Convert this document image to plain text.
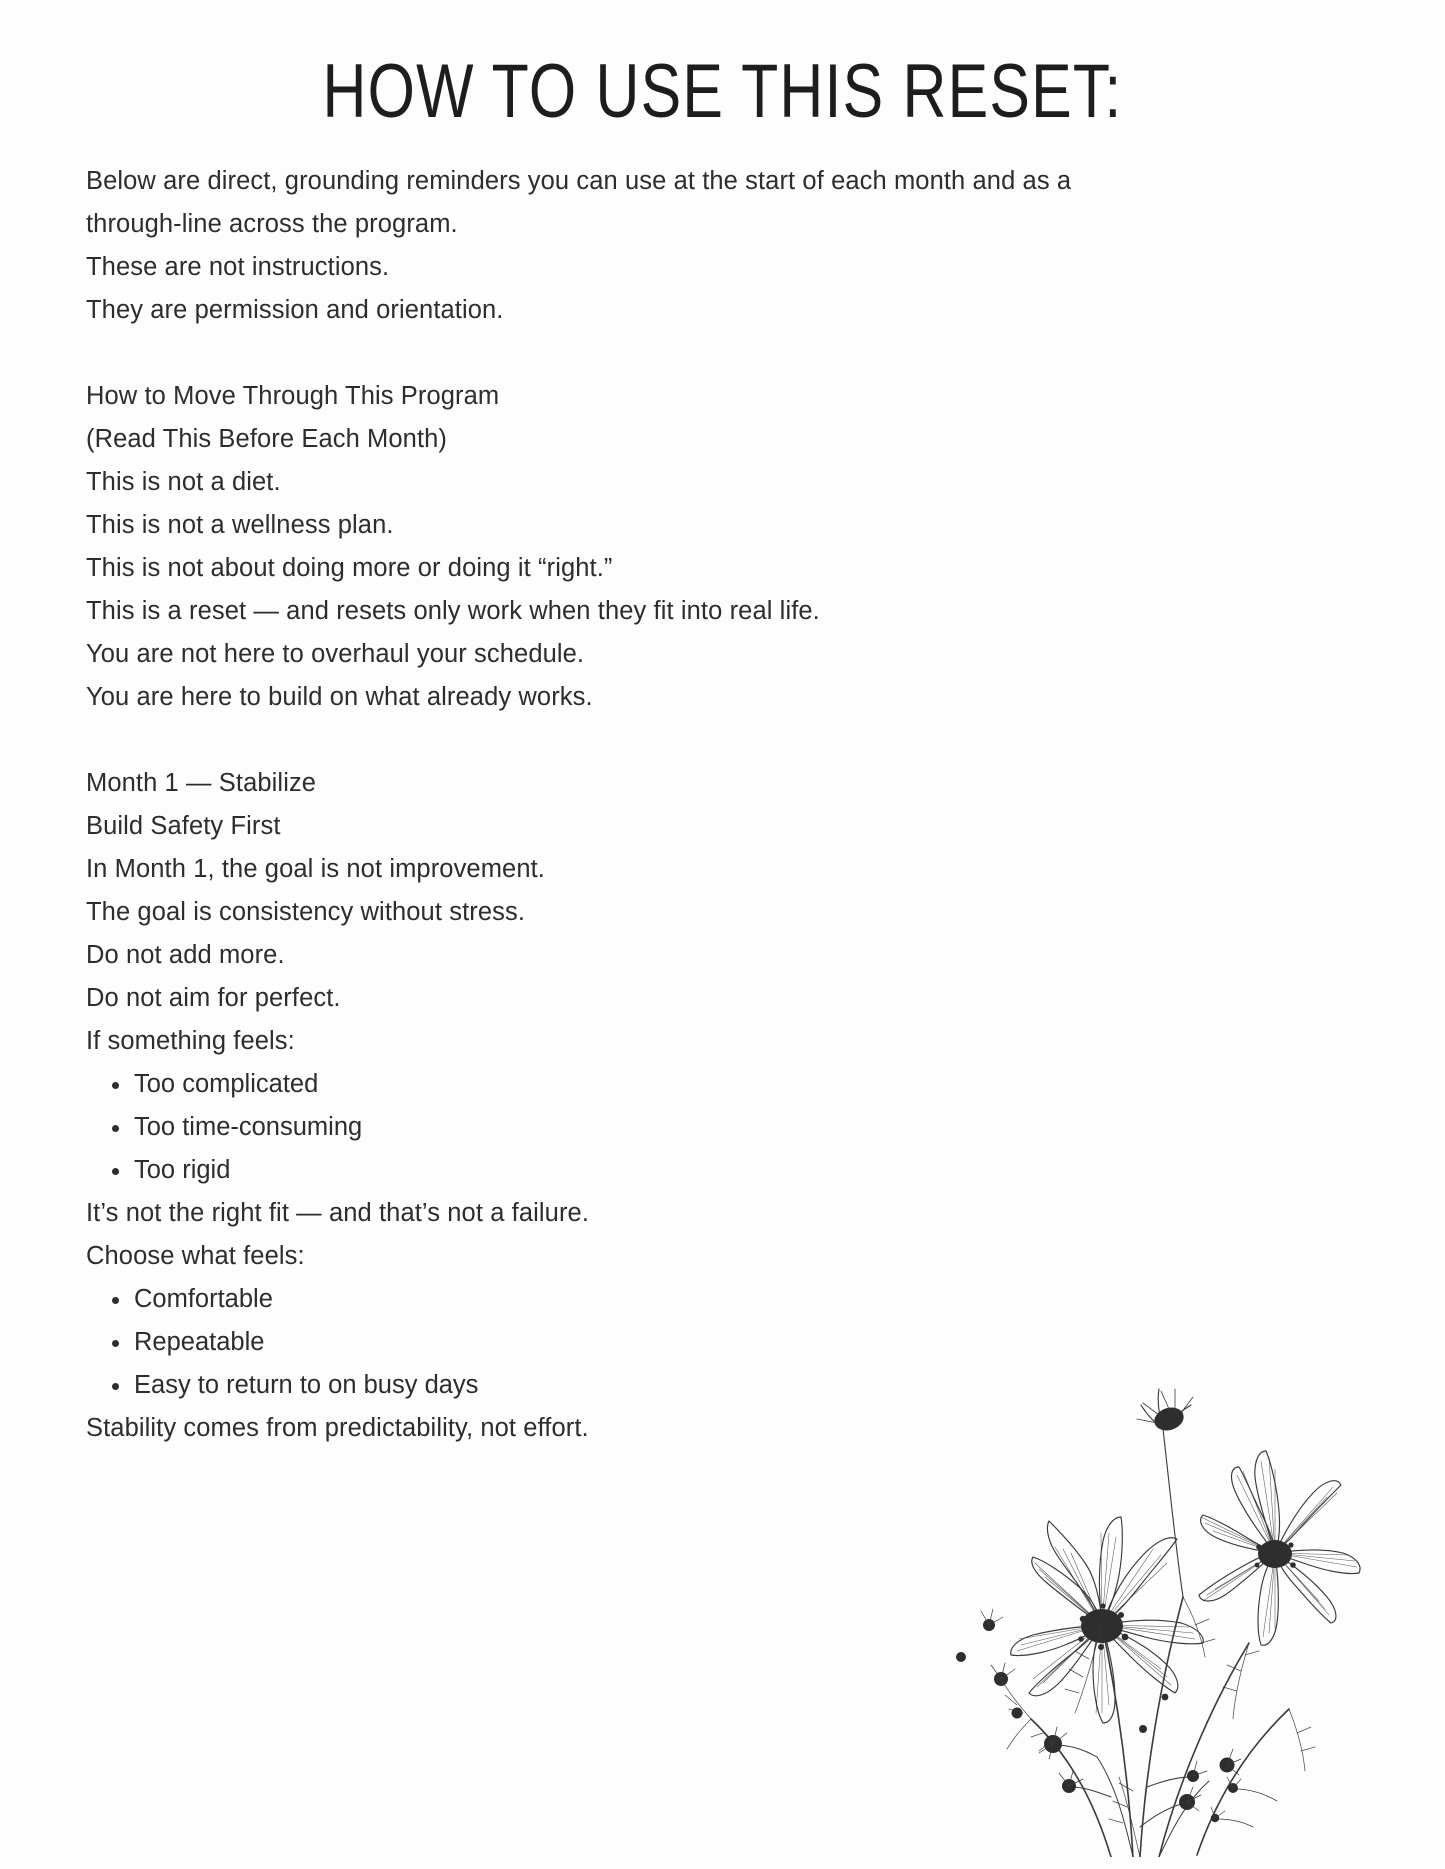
HOW TO USE THIS RESET:
Below are direct, grounding reminders you can use at the start of each month and as a through-line across the program.
These are not instructions.
They are permission and orientation.
How to Move Through This Program
(Read This Before Each Month)
This is not a diet.
This is not a wellness plan.
This is not about doing more or doing it “right.”
This is a reset — and resets only work when they fit into real life.
You are not here to overhaul your schedule.
You are here to build on what already works.
Month 1 — Stabilize
Build Safety First
In Month 1, the goal is not improvement.
The goal is consistency without stress.
Do not add more.
Do not aim for perfect.
If something feels:
Too complicated
Too time-consuming
Too rigid
It’s not the right fit — and that’s not a failure.
Choose what feels:
Comfortable
Repeatable
Easy to return to on busy days
Stability comes from predictability, not effort.
